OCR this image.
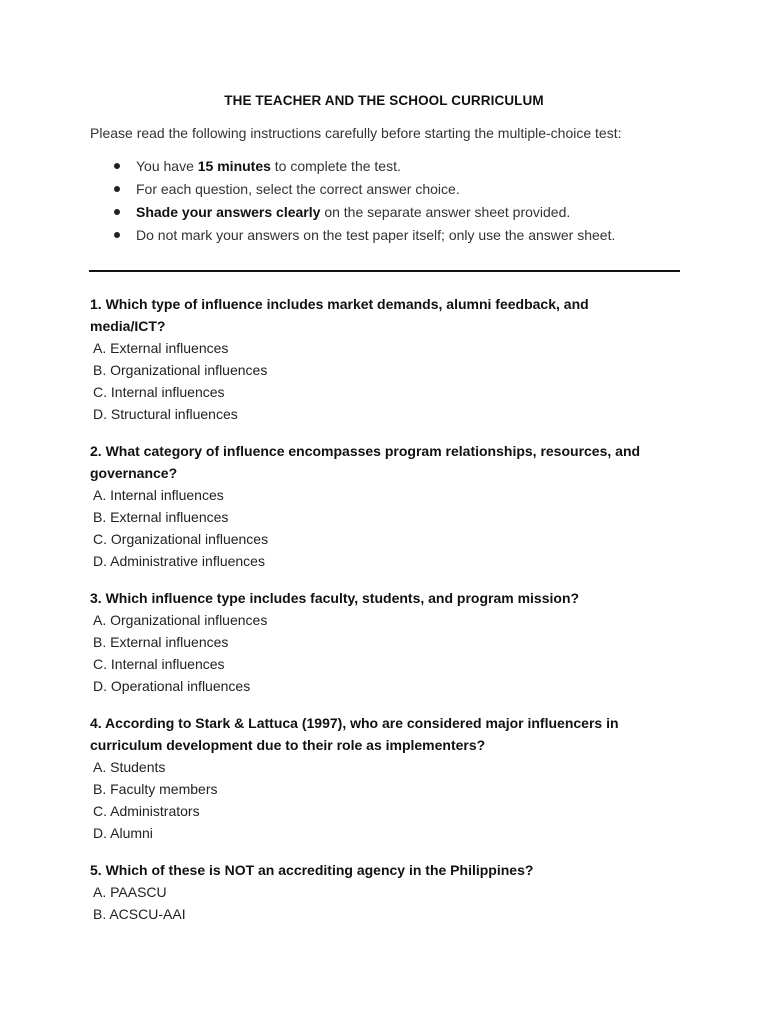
THE TEACHER AND THE SCHOOL CURRICULUM
Please read the following instructions carefully before starting the multiple-choice test:
You have 15 minutes to complete the test.
For each question, select the correct answer choice.
Shade your answers clearly on the separate answer sheet provided.
Do not mark your answers on the test paper itself; only use the answer sheet.
1. Which type of influence includes market demands, alumni feedback, and media/ICT?
A. External influences
B. Organizational influences
C. Internal influences
D. Structural influences
2. What category of influence encompasses program relationships, resources, and governance?
A. Internal influences
B. External influences
C. Organizational influences
D. Administrative influences
3. Which influence type includes faculty, students, and program mission?
A. Organizational influences
B. External influences
C. Internal influences
D. Operational influences
4. According to Stark & Lattuca (1997), who are considered major influencers in curriculum development due to their role as implementers?
A. Students
B. Faculty members
C. Administrators
D. Alumni
5. Which of these is NOT an accrediting agency in the Philippines?
A. PAASCU
B. ACSCU-AAI
